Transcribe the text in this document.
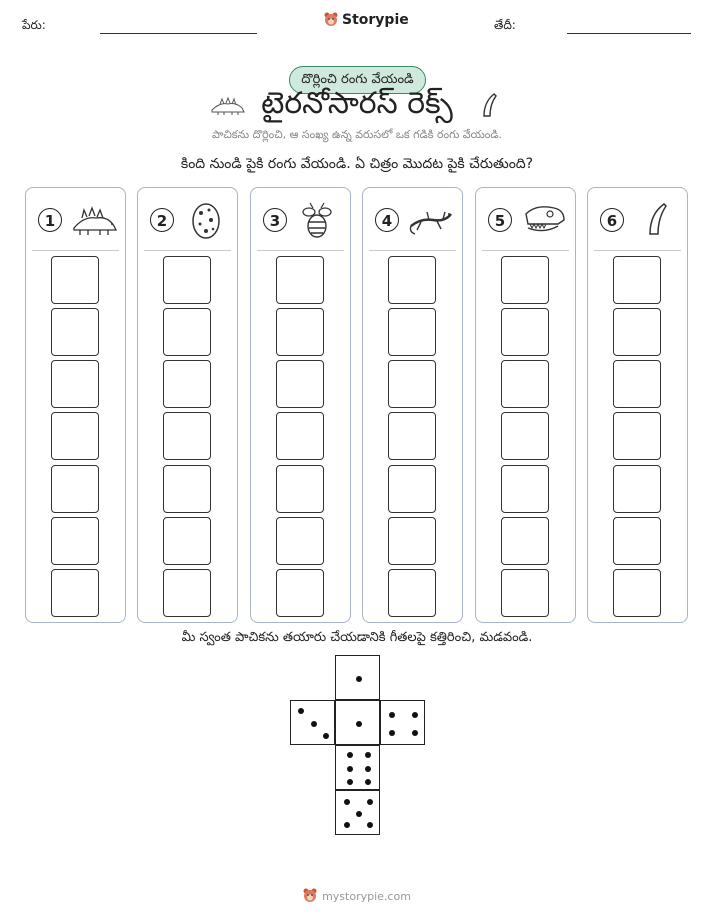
పేరు:	Storypie	తేదీ:
దొర్లించి రంగు వేయండి
టైరనోసారస్ రెక్స్
పాచికను దొర్లించి, ఆ సంఖ్య ఉన్న వరుసలో ఒక గడికి రంగు వేయండి.
కింది నుండి పైకి రంగు వేయండి. ఏ చిత్రం మొదట పైకి చేరుతుంది?
1	2	3	4	5	6
మీ స్వంత పాచికను తయారు చేయడానికి గీతలపై కత్తిరించి, మడవండి.
mystorypie.com
